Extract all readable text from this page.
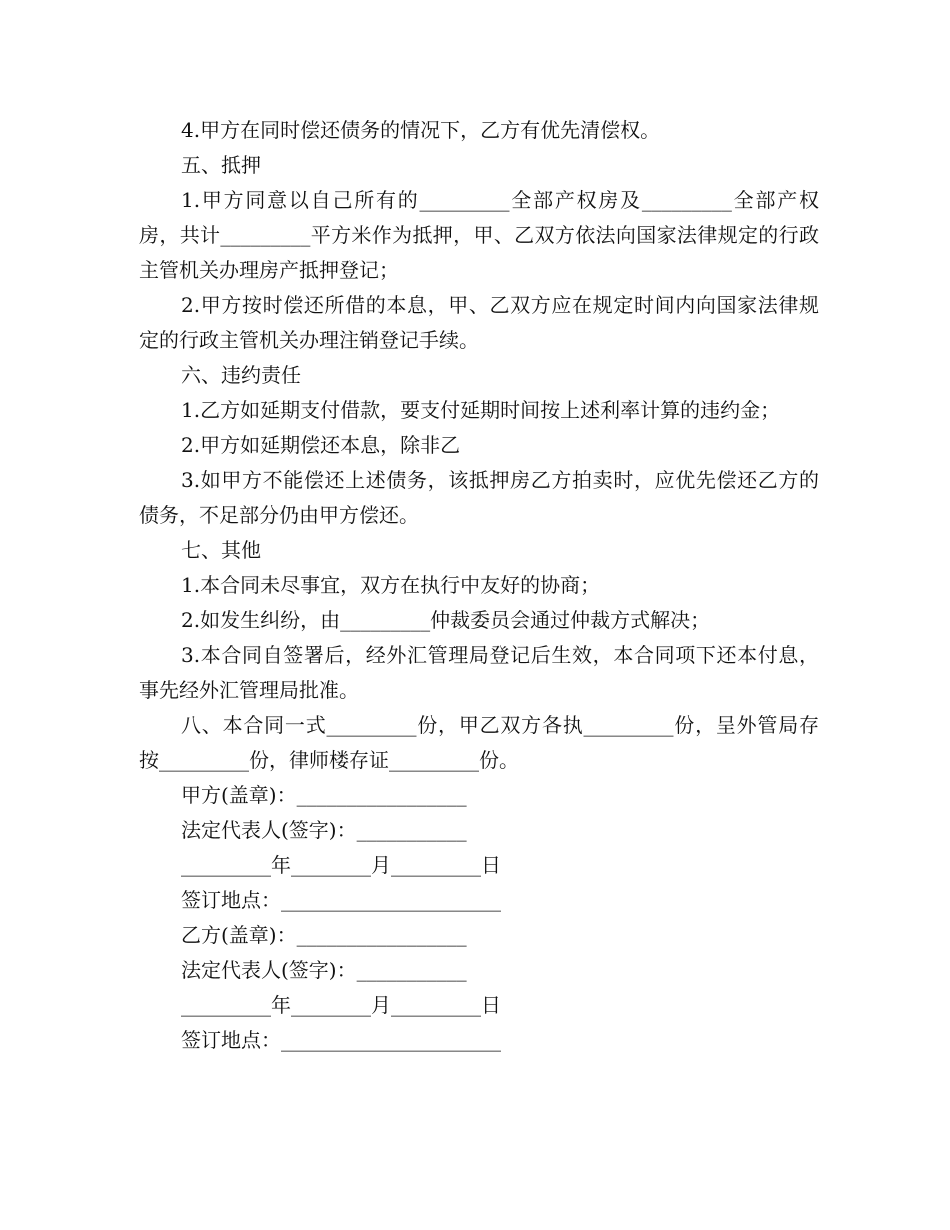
4.甲方在同时偿还债务的情况下，乙方有优先清偿权。

五、抵押

1.甲方同意以自己所有的_________全部产权房及_________全部产权房，共计_________平方米作为抵押，甲、乙双方依法向国家法律规定的行政主管机关办理房产抵押登记；

2.甲方按时偿还所借的本息，甲、乙双方应在规定时间内向国家法律规定的行政主管机关办理注销登记手续。

六、违约责任

1.乙方如延期支付借款，要支付延期时间按上述利率计算的违约金；

2.甲方如延期偿还本息，除非乙

3.如甲方不能偿还上述债务，该抵押房乙方拍卖时，应优先偿还乙方的债务，不足部分仍由甲方偿还。

七、其他

1.本合同未尽事宜，双方在执行中友好的协商；

2.如发生纠纷，由_________仲裁委员会通过仲裁方式解决；

3.本合同自签署后，经外汇管理局登记后生效，本合同项下还本付息，事先经外汇管理局批准。

八、本合同一式_________份，甲乙双方各执_________份，呈外管局存按_________份，律师楼存证_________份。

甲方(盖章)：_________________

法定代表人(签字)：___________

_________年________月_________日

签订地点：______________________

乙方(盖章)：_________________

法定代表人(签字)：___________

_________年________月_________日

签订地点：______________________
